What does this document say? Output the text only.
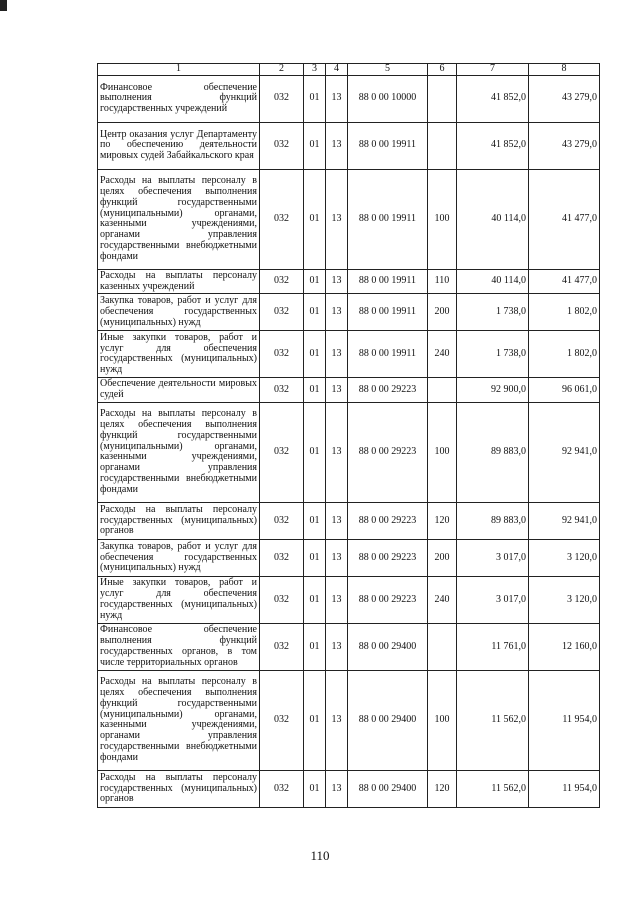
1	2	3	4	5	6	7	8
Финансовое обеспечение выполнения функций государственных учреждений	032	01	13	88 0 00 10000		41 852,0	43 279,0
Центр оказания услуг Департаменту по обеспечению деятельности мировых судей Забайкальского края	032	01	13	88 0 00 19911		41 852,0	43 279,0
Расходы на выплаты персоналу в целях обеспечения выполнения функций государственными (муниципальными) органами, казенными учреждениями, органами управления государственными внебюджетными фондами	032	01	13	88 0 00 19911	100	40 114,0	41 477,0
Расходы на выплаты персоналу казенных учреждений	032	01	13	88 0 00 19911	110	40 114,0	41 477,0
Закупка товаров, работ и услуг для обеспечения государственных (муниципальных) нужд	032	01	13	88 0 00 19911	200	1 738,0	1 802,0
Иные закупки товаров, работ и услуг для обеспечения государственных (муниципальных) нужд	032	01	13	88 0 00 19911	240	1 738,0	1 802,0
Обеспечение деятельности мировых судей	032	01	13	88 0 00 29223		92 900,0	96 061,0
Расходы на выплаты персоналу в целях обеспечения выполнения функций государственными (муниципальными) органами, казенными учреждениями, органами управления государственными внебюджетными фондами	032	01	13	88 0 00 29223	100	89 883,0	92 941,0
Расходы на выплаты персоналу государственных (муниципальных) органов	032	01	13	88 0 00 29223	120	89 883,0	92 941,0
Закупка товаров, работ и услуг для обеспечения государственных (муниципальных) нужд	032	01	13	88 0 00 29223	200	3 017,0	3 120,0
Иные закупки товаров, работ и услуг для обеспечения государственных (муниципальных) нужд	032	01	13	88 0 00 29223	240	3 017,0	3 120,0
Финансовое обеспечение выполнения функций государственных органов, в том числе территориальных органов	032	01	13	88 0 00 29400		11 761,0	12 160,0
Расходы на выплаты персоналу в целях обеспечения выполнения функций государственными (муниципальными) органами, казенными учреждениями, органами управления государственными внебюджетными фондами	032	01	13	88 0 00 29400	100	11 562,0	11 954,0
Расходы на выплаты персоналу государственных (муниципальных) органов	032	01	13	88 0 00 29400	120	11 562,0	11 954,0
110
